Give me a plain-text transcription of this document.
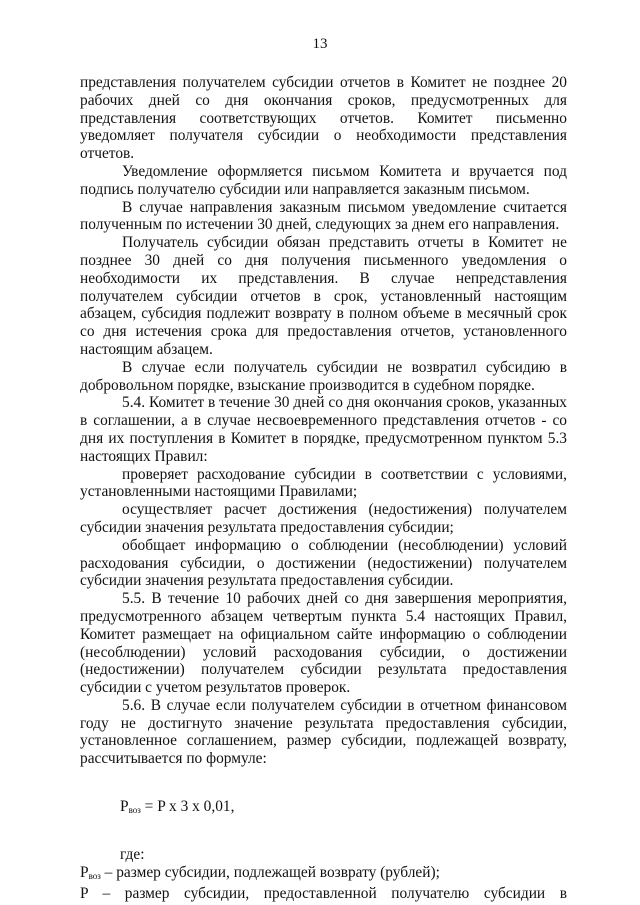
13

представления получателем субсидии отчетов в Комитет не позднее 20 рабочих дней со дня окончания сроков, предусмотренных для представления соответствующих отчетов. Комитет письменно уведомляет получателя субсидии о необходимости представления отчетов.

Уведомление оформляется письмом Комитета и вручается под подпись получателю субсидии или направляется заказным письмом.

В случае направления заказным письмом уведомление считается полученным по истечении 30 дней, следующих за днем его направления.

Получатель субсидии обязан представить отчеты в Комитет не позднее 30 дней со дня получения письменного уведомления о необходимости их представления. В случае непредставления получателем субсидии отчетов в срок, установленный настоящим абзацем, субсидия подлежит возврату в полном объеме в месячный срок со дня истечения срока для предоставления отчетов, установленного настоящим абзацем.

В случае если получатель субсидии не возвратил субсидию в добровольном порядке, взыскание производится в судебном порядке.

5.4. Комитет в течение 30 дней со дня окончания сроков, указанных в соглашении, а в случае несвоевременного представления отчетов - со дня их поступления в Комитет в порядке, предусмотренном пунктом 5.3 настоящих Правил:

проверяет расходование субсидии в соответствии с условиями, установленными настоящими Правилами;

осуществляет расчет достижения (недостижения) получателем субсидии значения результата предоставления субсидии;

обобщает информацию о соблюдении (несоблюдении) условий расходования субсидии, о достижении (недостижении) получателем субсидии значения результата предоставления субсидии.

5.5. В течение 10 рабочих дней со дня завершения мероприятия, предусмотренного абзацем четвертым пункта 5.4 настоящих Правил, Комитет размещает на официальном сайте информацию о соблюдении (несоблюдении) условий расходования субсидии, о достижении (недостижении) получателем субсидии результата предоставления субсидии с учетом результатов проверок.

5.6. В случае если получателем субсидии в отчетном финансовом году не достигнуто значение результата предоставления субсидии, установленное соглашением, размер субсидии, подлежащей возврату, рассчитывается по формуле:

$P_{воз} = P$ x 3 x 0,01,

где:

$P_{воз}$ – размер субсидии, подлежащей возврату (рублей);

P – размер субсидии, предоставленной получателю субсидии в
